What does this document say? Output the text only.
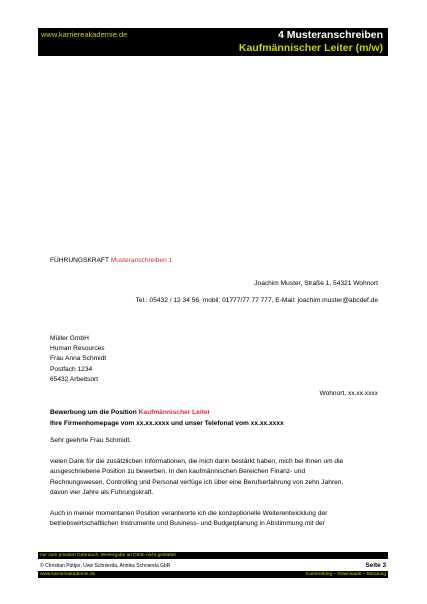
www.karriereakademie.de	4 Musteranschreiben
Kaufmännischer Leiter (m/w)
FÜHRUNGSKRAFT Musteranschreiben 1
Joachim Muster, Straße 1, 54321 Wohnort
Tel.: 05432 / 12 34 56, mobil: 01777/77 77 777, E-Mail: joachim.muster@abcdef.de
Müller GmbH
Human Resources
Frau Anna Schmidt
Postfach 1234
65432 Arbeitsort
Wohnort, xx.xx.xxxx
Bewerbung um die Position Kaufmännischer Leiter
Ihre Firmenhomepage vom xx.xx.xxxx und unser Telefonat vom xx.xx.xxxx
Sehr geehrte Frau Schmidt,
vielen Dank für die zusätzlichen Informationen, die mich darin bestärkt haben, mich bei Ihnen um die
ausgeschriebene Position zu bewerben. In den kaufmännischen Bereichen Finanz- und
Rechnungswesen, Controlling und Personal verfüge ich über eine Berufserfahrung von zehn Jahren,
davon vier Jahre als Führungskraft.
Auch in meiner momentanen Position verantworte ich die konzeptionelle Weiterentwicklung der
betriebswirtschaftlichen Instrumente und Business- und Budgetplanung in Abstimmung mit der
nur zum privaten Gebrauch, Weitergabe an Dritte nicht gestattet
© Christian Püttjer, Uwe Schnierda, Annika Schnierda GbR	Seite 3
www.karriereakademie.de	Karriereblog – Downloads – Beratung
